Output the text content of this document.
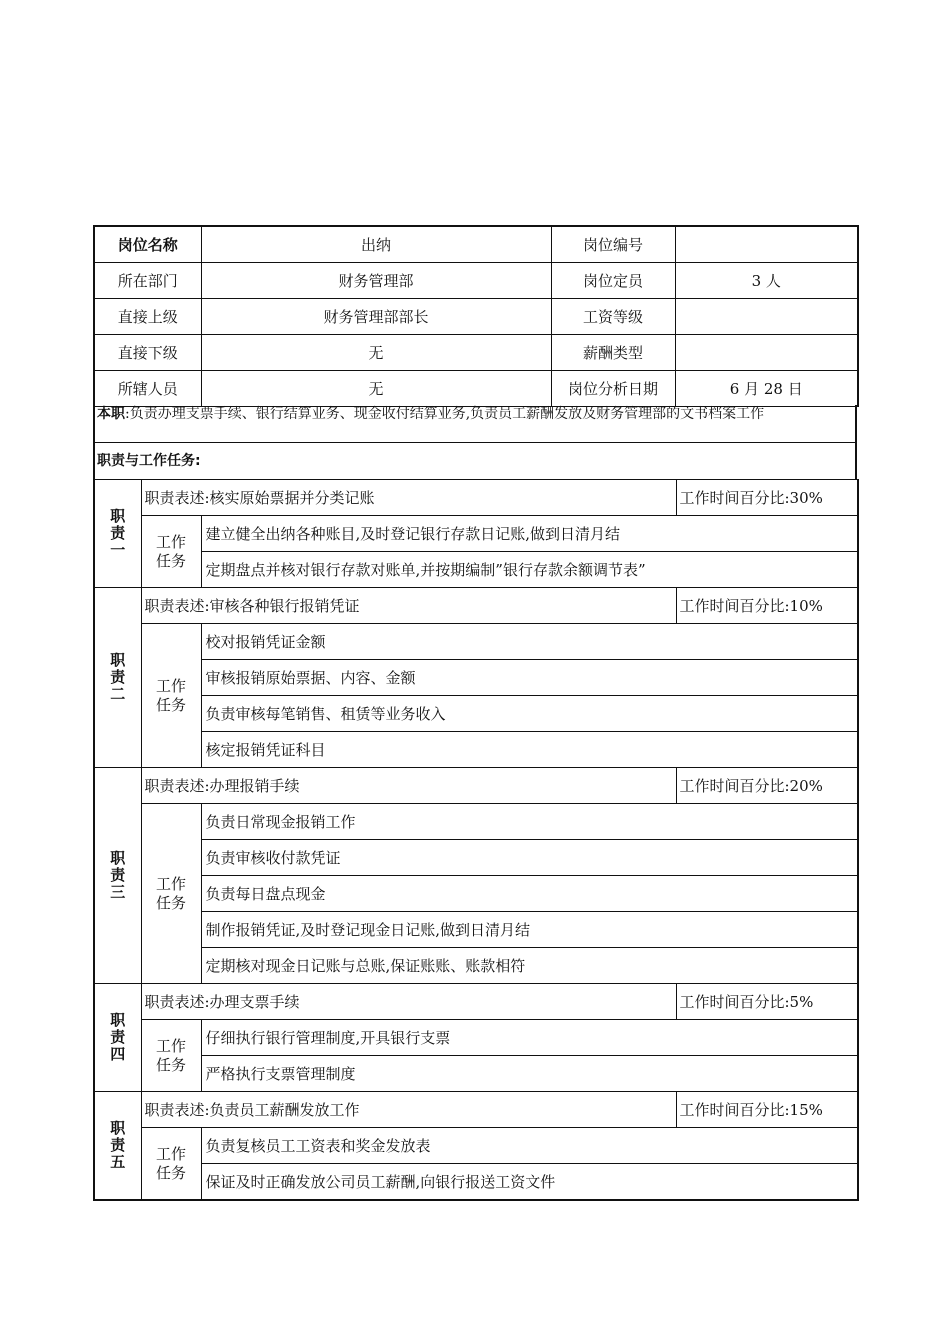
岗位名称	出纳	岗位编号	
所在部门	财务管理部	岗位定员	3 人
直接上级	财务管理部部长	工资等级	
直接下级	无	薪酬类型	
所辖人员	无	岗位分析日期	6 月 28 日
本职:负责办理支票手续、银行结算业务、现金收付结算业务,负责员工薪酬发放及财务管理部的文书档案工作
职责与工作任务:
职责一	职责表述:核实原始票据并分类记账		工作时间百分比:30%
	工作任务	建立健全出纳各种账目,及时登记银行存款日记账,做到日清月结	
		定期盘点并核对银行存款对账单,并按期编制”银行存款余额调节表”	
职责二	职责表述:审核各种银行报销凭证		工作时间百分比:10%
	工作任务	校对报销凭证金额	
		审核报销原始票据、内容、金额	
		负责审核每笔销售、租赁等业务收入	
		核定报销凭证科目	
职责三	职责表述:办理报销手续		工作时间百分比:20%
	工作任务	负责日常现金报销工作	
		负责审核收付款凭证	
		负责每日盘点现金	
		制作报销凭证,及时登记现金日记账,做到日清月结	
		定期核对现金日记账与总账,保证账账、账款相符	
职责四	职责表述:办理支票手续		工作时间百分比:5%
	工作任务	仔细执行银行管理制度,开具银行支票	
		严格执行支票管理制度	
职责五	职责表述:负责员工薪酬发放工作		工作时间百分比:15%
	工作任务	负责复核员工工资表和奖金发放表	
		保证及时正确发放公司员工薪酬,向银行报送工资文件	
